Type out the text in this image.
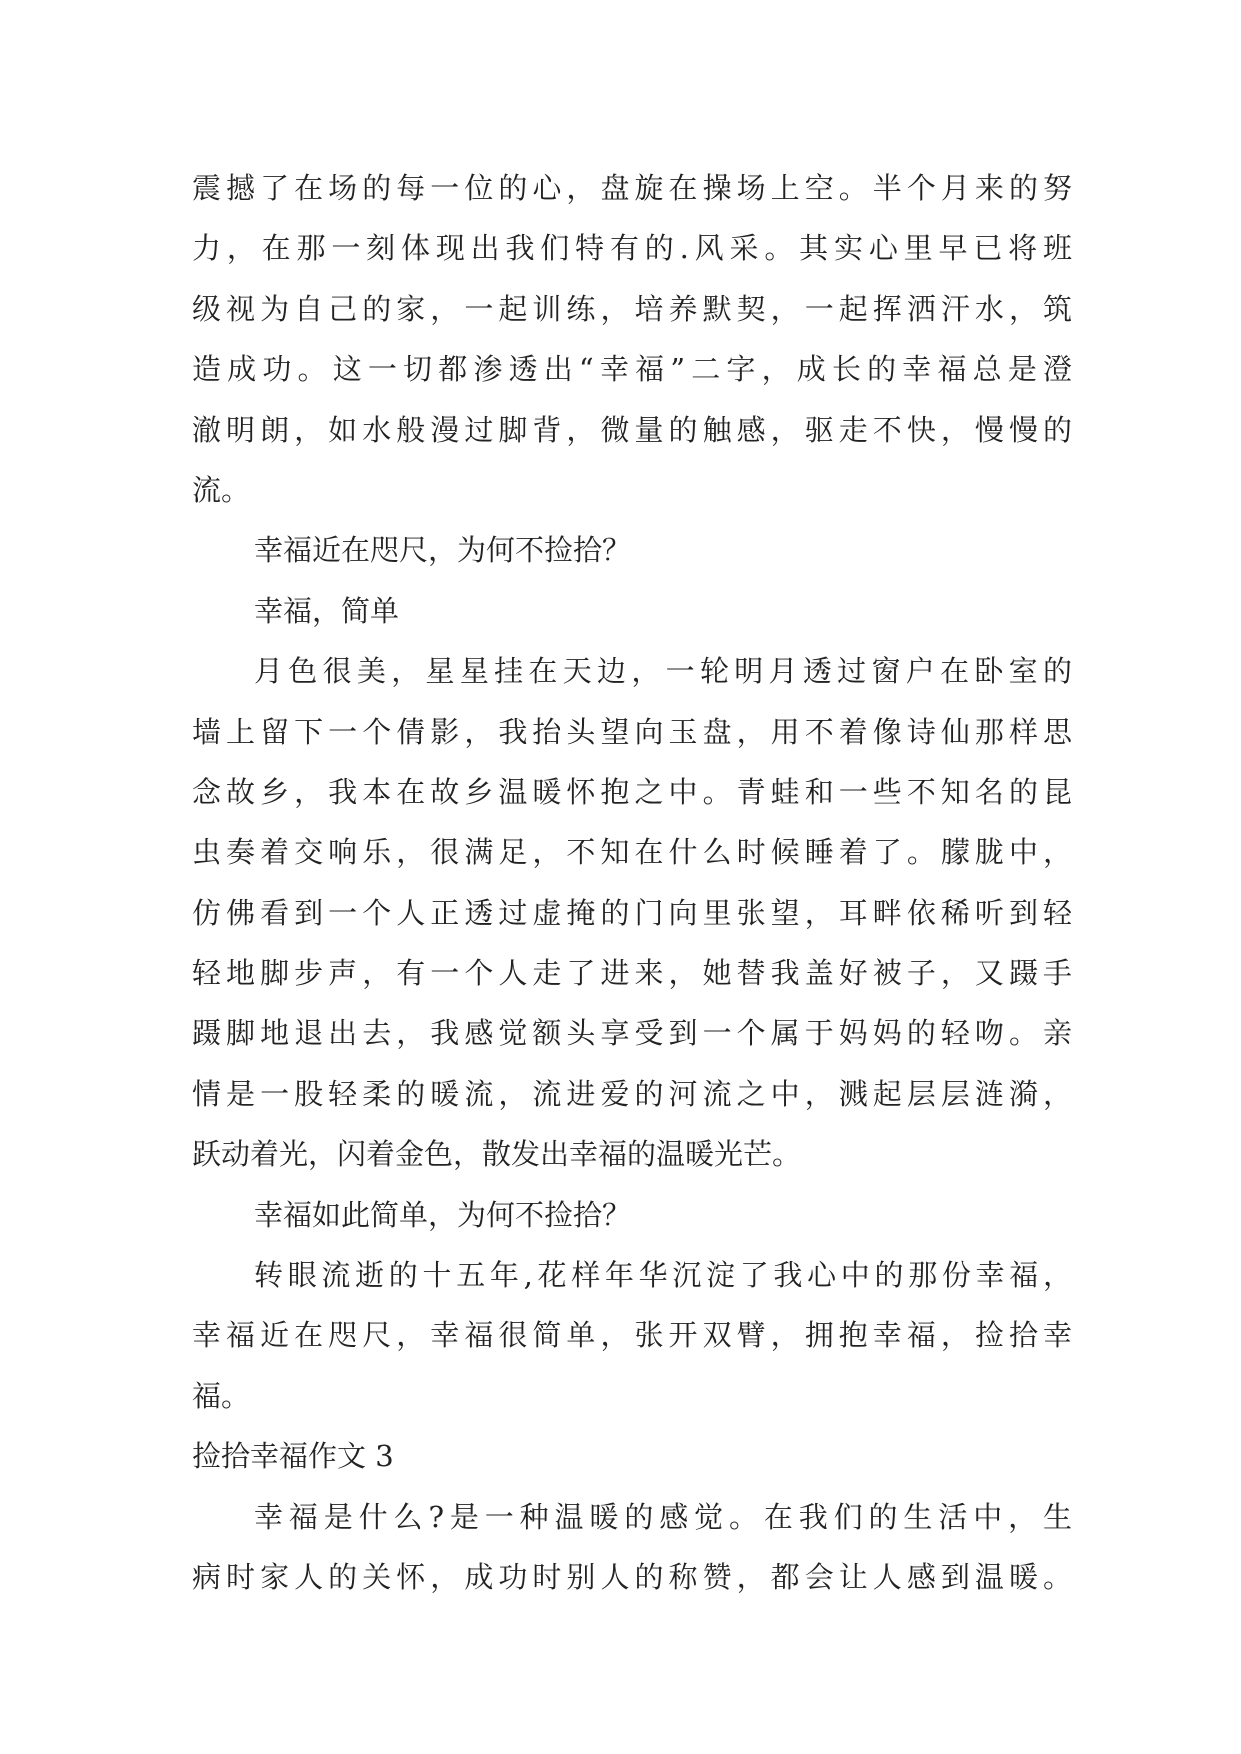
震撼了在场的每一位的心，盘旋在操场上空。半个月来的努
力，在那一刻体现出我们特有的.风采。其实心里早已将班
级视为自己的家，一起训练，培养默契，一起挥洒汗水，筑
造成功。这一切都渗透出“幸福”二字，成长的幸福总是澄
澈明朗，如水般漫过脚背，微量的触感，驱走不快，慢慢的
流。
幸福近在咫尺，为何不捡拾？
幸福，简单
月色很美，星星挂在天边，一轮明月透过窗户在卧室的
墙上留下一个倩影，我抬头望向玉盘，用不着像诗仙那样思
念故乡，我本在故乡温暖怀抱之中。青蛙和一些不知名的昆
虫奏着交响乐，很满足，不知在什么时候睡着了。朦胧中，
仿佛看到一个人正透过虚掩的门向里张望，耳畔依稀听到轻
轻地脚步声，有一个人走了进来，她替我盖好被子，又蹑手
蹑脚地退出去，我感觉额头享受到一个属于妈妈的轻吻。亲
情是一股轻柔的暖流，流进爱的河流之中，溅起层层涟漪，
跃动着光，闪着金色，散发出幸福的温暖光芒。
幸福如此简单，为何不捡拾？
转眼流逝的十五年,花样年华沉淀了我心中的那份幸福，
幸福近在咫尺，幸福很简单，张开双臂，拥抱幸福，捡拾幸
福。
捡拾幸福作文 3
幸福是什么?是一种温暖的感觉。在我们的生活中，生
病时家人的关怀，成功时别人的称赞，都会让人感到温暖。
